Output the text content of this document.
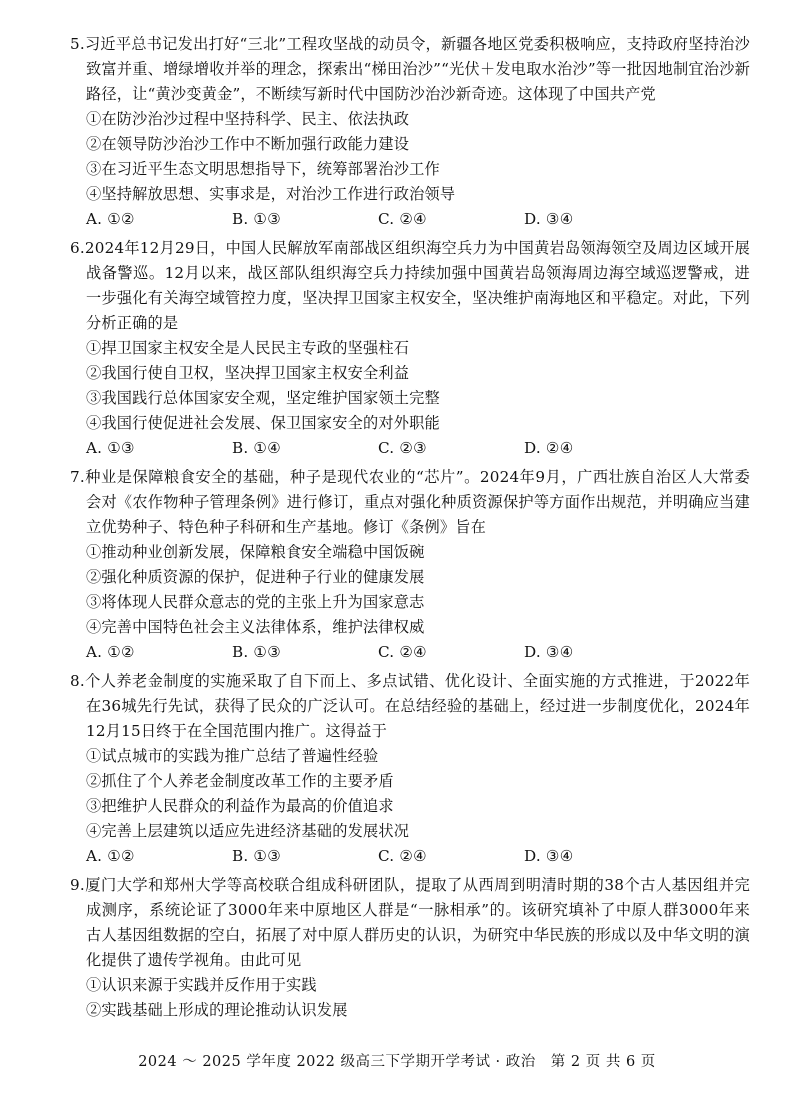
5.习近平总书记发出打好“三北”工程攻坚战的动员令，新疆各地区党委积极响应，支持政府坚持治沙致富并重、增绿增收并举的理念，探索出“梯田治沙”“光伏＋发电取水治沙”等一批因地制宜治沙新路径，让“黄沙变黄金”，不断续写新时代中国防沙治沙新奇迹。这体现了中国共产党

①在防沙治沙过程中坚持科学、民主、依法执政

②在领导防沙治沙工作中不断加强行政能力建设

③在习近平生态文明思想指导下，统筹部署治沙工作

④坚持解放思想、实事求是，对治沙工作进行政治领导

A. ①②	B. ①③	C. ②④	D. ③④

6.2024年12月29日，中国人民解放军南部战区组织海空兵力为中国黄岩岛领海领空及周边区域开展战备警巡。12月以来，战区部队组织海空兵力持续加强中国黄岩岛领海周边海空域巡逻警戒，进一步强化有关海空域管控力度，坚决捍卫国家主权安全，坚决维护南海地区和平稳定。对此，下列分析正确的是

①捍卫国家主权安全是人民民主专政的坚强柱石

②我国行使自卫权，坚决捍卫国家主权安全利益

③我国践行总体国家安全观，坚定维护国家领土完整

④我国行使促进社会发展、保卫国家安全的对外职能

A. ①③	B. ①④	C. ②③	D. ②④

7.种业是保障粮食安全的基础，种子是现代农业的“芯片”。2024年9月，广西壮族自治区人大常委会对《农作物种子管理条例》进行修订，重点对强化种质资源保护等方面作出规范，并明确应当建立优势种子、特色种子科研和生产基地。修订《条例》旨在

①推动种业创新发展，保障粮食安全端稳中国饭碗

②强化种质资源的保护，促进种子行业的健康发展

③将体现人民群众意志的党的主张上升为国家意志

④完善中国特色社会主义法律体系，维护法律权威

A. ①②	B. ①③	C. ②④	D. ③④

8.个人养老金制度的实施采取了自下而上、多点试错、优化设计、全面实施的方式推进，于2022年在36城先行先试，获得了民众的广泛认可。在总结经验的基础上，经过进一步制度优化，2024年12月15日终于在全国范围内推广。这得益于

①试点城市的实践为推广总结了普遍性经验

②抓住了个人养老金制度改革工作的主要矛盾

③把维护人民群众的利益作为最高的价值追求

④完善上层建筑以适应先进经济基础的发展状况

A. ①②	B. ①③	C. ②④	D. ③④

9.厦门大学和郑州大学等高校联合组成科研团队，提取了从西周到明清时期的38个古人基因组并完成测序，系统论证了3000年来中原地区人群是“一脉相承”的。该研究填补了中原人群3000年来古人基因组数据的空白，拓展了对中原人群历史的认识，为研究中华民族的形成以及中华文明的演化提供了遗传学视角。由此可见

①认识来源于实践并反作用于实践

②实践基础上形成的理论推动认识发展

2024 ～ 2025 学年度 2022 级高三下学期开学考试 · 政治　第 2 页 共 6 页
